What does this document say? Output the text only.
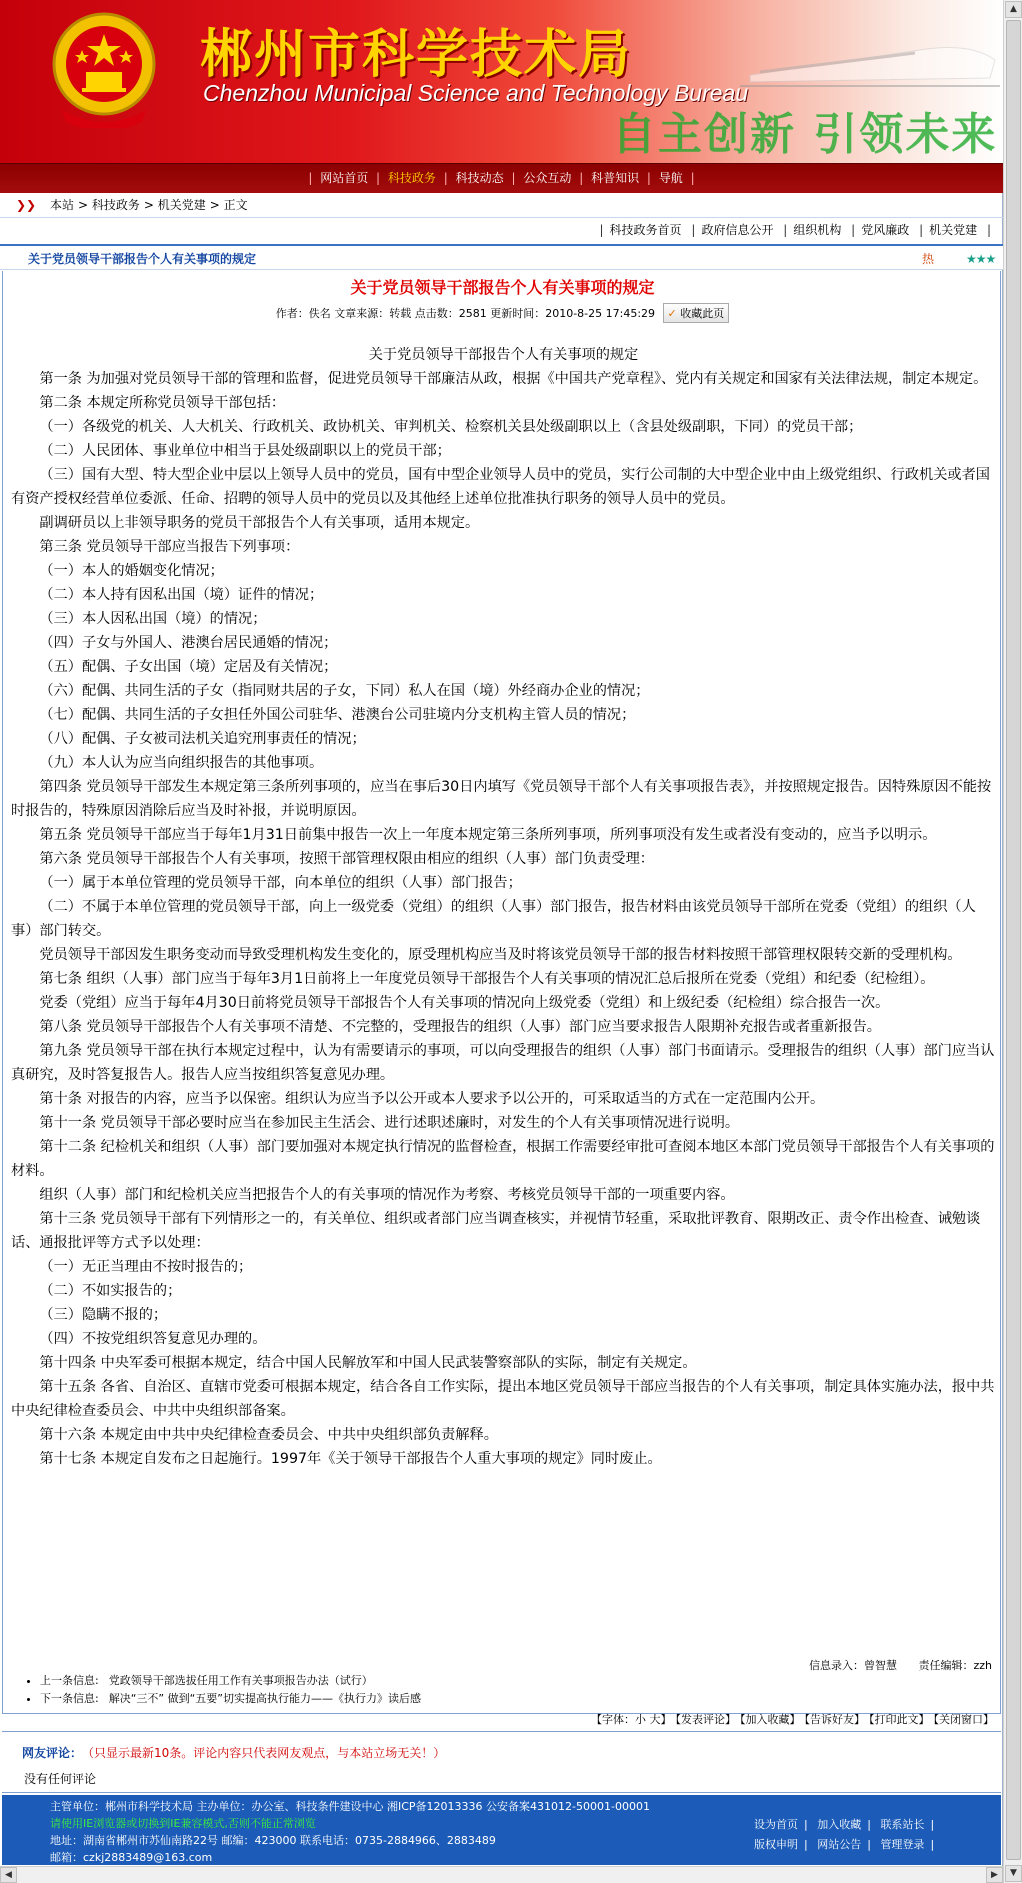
郴州市科学技术局
Chenzhou Municipal Science and Technology Bureau
自主创新 引领未来
| 网站首页 | 科技政务 | 科技动态 | 公众互动 | 科普知识 | 导航 |
❯❯ 本站 > 科技政务 > 机关党建 > 正文
| 科技政务首页 | 政府信息公开 | 组织机构 | 党风廉政 | 机关党建 |
关于党员领导干部报告个人有关事项的规定	热	★★★
关于党员领导干部报告个人有关事项的规定
作者：佚名 文章来源：转载 点击数：2581 更新时间：2010-8-25 17:45:29 ✓ 收藏此页
关于党员领导干部报告个人有关事项的规定

第一条 为加强对党员领导干部的管理和监督，促进党员领导干部廉洁从政，根据《中国共产党章程》、党内有关规定和国家有关法律法规，制定本规定。

第二条 本规定所称党员领导干部包括：

（一）各级党的机关、人大机关、行政机关、政协机关、审判机关、检察机关县处级副职以上（含县处级副职，下同）的党员干部；

（二）人民团体、事业单位中相当于县处级副职以上的党员干部；

（三）国有大型、特大型企业中层以上领导人员中的党员，国有中型企业领导人员中的党员，实行公司制的大中型企业中由上级党组织、行政机关或者国有资产授权经营单位委派、任命、招聘的领导人员中的党员以及其他经上述单位批准执行职务的领导人员中的党员。

副调研员以上非领导职务的党员干部报告个人有关事项，适用本规定。

第三条 党员领导干部应当报告下列事项：

（一）本人的婚姻变化情况；

（二）本人持有因私出国（境）证件的情况；

（三）本人因私出国（境）的情况；

（四）子女与外国人、港澳台居民通婚的情况；

（五）配偶、子女出国（境）定居及有关情况；

（六）配偶、共同生活的子女（指同财共居的子女，下同）私人在国（境）外经商办企业的情况；

（七）配偶、共同生活的子女担任外国公司驻华、港澳台公司驻境内分支机构主管人员的情况；

（八）配偶、子女被司法机关追究刑事责任的情况；

（九）本人认为应当向组织报告的其他事项。

第四条 党员领导干部发生本规定第三条所列事项的，应当在事后30日内填写《党员领导干部个人有关事项报告表》，并按照规定报告。因特殊原因不能按时报告的，特殊原因消除后应当及时补报，并说明原因。

第五条 党员领导干部应当于每年1月31日前集中报告一次上一年度本规定第三条所列事项，所列事项没有发生或者没有变动的，应当予以明示。

第六条 党员领导干部报告个人有关事项，按照干部管理权限由相应的组织（人事）部门负责受理：

（一）属于本单位管理的党员领导干部，向本单位的组织（人事）部门报告；

（二）不属于本单位管理的党员领导干部，向上一级党委（党组）的组织（人事）部门报告，报告材料由该党员领导干部所在党委（党组）的组织（人事）部门转交。

党员领导干部因发生职务变动而导致受理机构发生变化的，原受理机构应当及时将该党员领导干部的报告材料按照干部管理权限转交新的受理机构。

第七条 组织（人事）部门应当于每年3月1日前将上一年度党员领导干部报告个人有关事项的情况汇总后报所在党委（党组）和纪委（纪检组）。

党委（党组）应当于每年4月30日前将党员领导干部报告个人有关事项的情况向上级党委（党组）和上级纪委（纪检组）综合报告一次。

第八条 党员领导干部报告个人有关事项不清楚、不完整的，受理报告的组织（人事）部门应当要求报告人限期补充报告或者重新报告。

第九条 党员领导干部在执行本规定过程中，认为有需要请示的事项，可以向受理报告的组织（人事）部门书面请示。受理报告的组织（人事）部门应当认真研究，及时答复报告人。报告人应当按组织答复意见办理。

第十条 对报告的内容，应当予以保密。组织认为应当予以公开或本人要求予以公开的，可采取适当的方式在一定范围内公开。

第十一条 党员领导干部必要时应当在参加民主生活会、进行述职述廉时，对发生的个人有关事项情况进行说明。

第十二条 纪检机关和组织（人事）部门要加强对本规定执行情况的监督检查，根据工作需要经审批可查阅本地区本部门党员领导干部报告个人有关事项的材料。

组织（人事）部门和纪检机关应当把报告个人的有关事项的情况作为考察、考核党员领导干部的一项重要内容。

第十三条 党员领导干部有下列情形之一的，有关单位、组织或者部门应当调查核实，并视情节轻重，采取批评教育、限期改正、责令作出检查、诫勉谈话、通报批评等方式予以处理：

（一）无正当理由不按时报告的；

（二）不如实报告的；

（三）隐瞒不报的；

（四）不按党组织答复意见办理的。

第十四条 中央军委可根据本规定，结合中国人民解放军和中国人民武装警察部队的实际，制定有关规定。

第十五条 各省、自治区、直辖市党委可根据本规定，结合各自工作实际，提出本地区党员领导干部应当报告的个人有关事项，制定具体实施办法，报中共中央纪律检查委员会、中共中央组织部备案。

第十六条 本规定由中共中央纪律检查委员会、中共中央组织部负责解释。

第十七条 本规定自发布之日起施行。1997年《关于领导干部报告个人重大事项的规定》同时废止。

信息录入：曾智慧 责任编辑：zzh
• 上一条信息: 党政领导干部选拔任用工作有关事项报告办法（试行）
• 下一条信息: 解决“三不” 做到“五要”切实提高执行能力——《执行力》读后感
【字体：小 大】 【发表评论】 【加入收藏】 【告诉好友】 【打印此文】 【关闭窗口】
网友评论： （只显示最新10条。评论内容只代表网友观点，与本站立场无关！）
没有任何评论
主管单位：郴州市科学技术局 主办单位：办公室、科技条件建设中心 湘ICP备12013336 公安备案431012-50001-00001
请使用IE浏览器或切换到IE兼容模式,否则不能正常浏览
地址：湖南省郴州市苏仙南路22号 邮编：423000 联系电话：0735-2884966、2883489
邮箱：czkj2883489@163.com
设为首页 | 加入收藏 | 联系站长 |
版权申明 | 网站公告 | 管理登录 |
◀	▶
▲
▼
